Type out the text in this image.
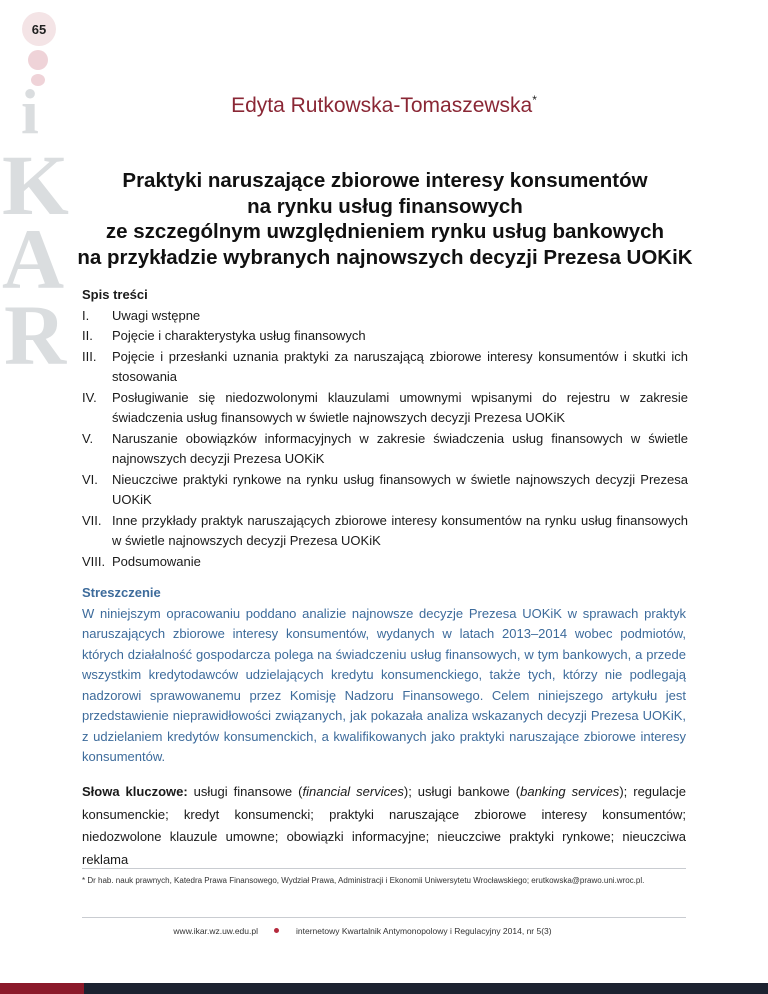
65
i
K
A
R
Edyta Rutkowska-Tomaszewska*
Praktyki naruszające zbiorowe interesy konsumentów
na rynku usług finansowych
ze szczególnym uwzględnieniem rynku usług bankowych
na przykładzie wybranych najnowszych decyzji Prezesa UOKiK
Spis treści
I.	Uwagi wstępne
II.	Pojęcie i charakterystyka usług finansowych
III.	Pojęcie i przesłanki uznania praktyki za naruszającą zbiorowe interesy konsumentów i skutki ich stosowania
IV.	Posługiwanie się niedozwolonymi klauzulami umownymi wpisanymi do rejestru w zakresie świadczenia usług finansowych w świetle najnowszych decyzji Prezesa UOKiK
V.	Naruszanie obowiązków informacyjnych w zakresie świadczenia usług finansowych w świetle najnowszych decyzji Prezesa UOKiK
VI.	Nieuczciwe praktyki rynkowe na rynku usług finansowych w świetle najnowszych decyzji Prezesa UOKiK
VII. Inne przykłady praktyk naruszających zbiorowe interesy konsumentów na rynku usług finansowych w świetle najnowszych decyzji Prezesa UOKiK
VIII. Podsumowanie
Streszczenie
W niniejszym opracowaniu poddano analizie najnowsze decyzje Prezesa UOKiK w sprawach praktyk naruszających zbiorowe interesy konsumentów, wydanych w latach 2013–2014 wobec podmiotów, których działalność gospodarcza polega na świadczeniu usług finansowych, w tym bankowych, a przede wszystkim kredytodawców udzielających kredytu konsumenckiego, także tych, którzy nie podlegają nadzorowi sprawowanemu przez Komisję Nadzoru Finansowego. Celem niniejszego artykułu jest przedstawienie nieprawidłowości związanych, jak pokazała analiza wskazanych decyzji Prezesa UOKiK, z udzielaniem kredytów konsumenckich, a kwalifikowanych jako praktyki naruszające zbiorowe interesy konsumentów.
Słowa kluczowe: usługi finansowe (financial services); usługi bankowe (banking services); regulacje konsumenckie; kredyt konsumencki; praktyki naruszające zbiorowe interesy konsumentów; niedozwolone klauzule umowne; obowiązki informacyjne; nieuczciwe praktyki rynkowe; nieuczciwa reklama
* Dr hab. nauk prawnych, Katedra Prawa Finansowego, Wydział Prawa, Administracji i Ekonomii Uniwersytetu Wrocławskiego; erutkowska@prawo.uni.wroc.pl.
www.ikar.wz.uw.edu.pl	internetowy Kwartalnik Antymonopolowy i Regulacyjny 2014, nr 5(3)
